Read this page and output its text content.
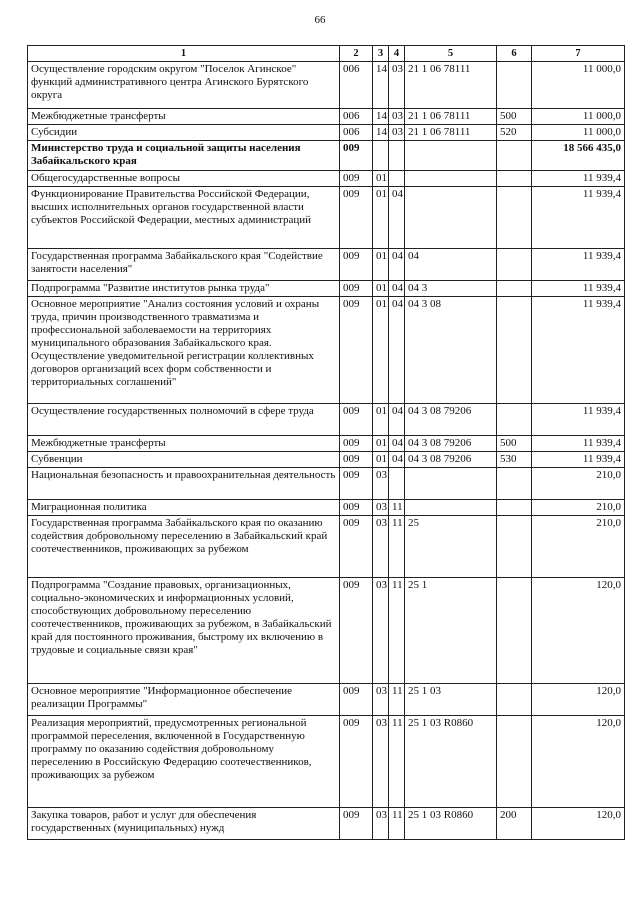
66
1	2	3	4	5	6	7
Осуществление городским округом "Поселок Агинское" функций административного центра Агинского Бурятского округа	006	14	03	21 1 06 78111		11 000,0
Межбюджетные трансферты	006	14	03	21 1 06 78111	500	11 000,0
Субсидии	006	14	03	21 1 06 78111	520	11 000,0
Министерство труда и социальной защиты населения Забайкальского края	009					18 566 435,0
Общегосударственные вопросы	009	01				11 939,4
Функционирование Правительства Российской Федерации, высших исполнительных органов государственной власти субъектов Российской Федерации, местных администраций	009	01	04			11 939,4
Государственная программа Забайкальского края "Содействие занятости населения"	009	01	04	04		11 939,4
Подпрограмма "Развитие институтов рынка труда"	009	01	04	04 3		11 939,4
Основное мероприятие "Анализ состояния условий и охраны труда, причин производственного травматизма и профессиональной заболеваемости на территориях муниципального образования Забайкальского края. Осуществление уведомительной регистрации коллективных договоров организаций всех форм собственности и территориальных соглашений"	009	01	04	04 3 08		11 939,4
Осуществление государственных полномочий в сфере труда	009	01	04	04 3 08 79206		11 939,4
Межбюджетные трансферты	009	01	04	04 3 08 79206	500	11 939,4
Субвенции	009	01	04	04 3 08 79206	530	11 939,4
Национальная безопасность и правоохранительная деятельность	009	03				210,0
Миграционная политика	009	03	11			210,0
Государственная программа Забайкальского края по оказанию содействия добровольному переселению в Забайкальский край соотечественников, проживающих за рубежом	009	03	11	25		210,0
Подпрограмма "Создание правовых, организационных, социально-экономических и информационных условий, способствующих добровольному переселению соотечественников, проживающих за рубежом, в Забайкальский край для постоянного проживания, быстрому их включению в трудовые и социальные связи края"	009	03	11	25 1		120,0
Основное мероприятие "Информационное обеспечение реализации Программы"	009	03	11	25 1 03		120,0
Реализация мероприятий, предусмотренных региональной программой переселения, включенной в Государственную программу по оказанию содействия добровольному переселению в Российскую Федерацию соотечественников, проживающих за рубежом	009	03	11	25 1 03 R0860		120,0
Закупка товаров, работ и услуг для обеспечения государственных (муниципальных) нужд	009	03	11	25 1 03 R0860	200	120,0
